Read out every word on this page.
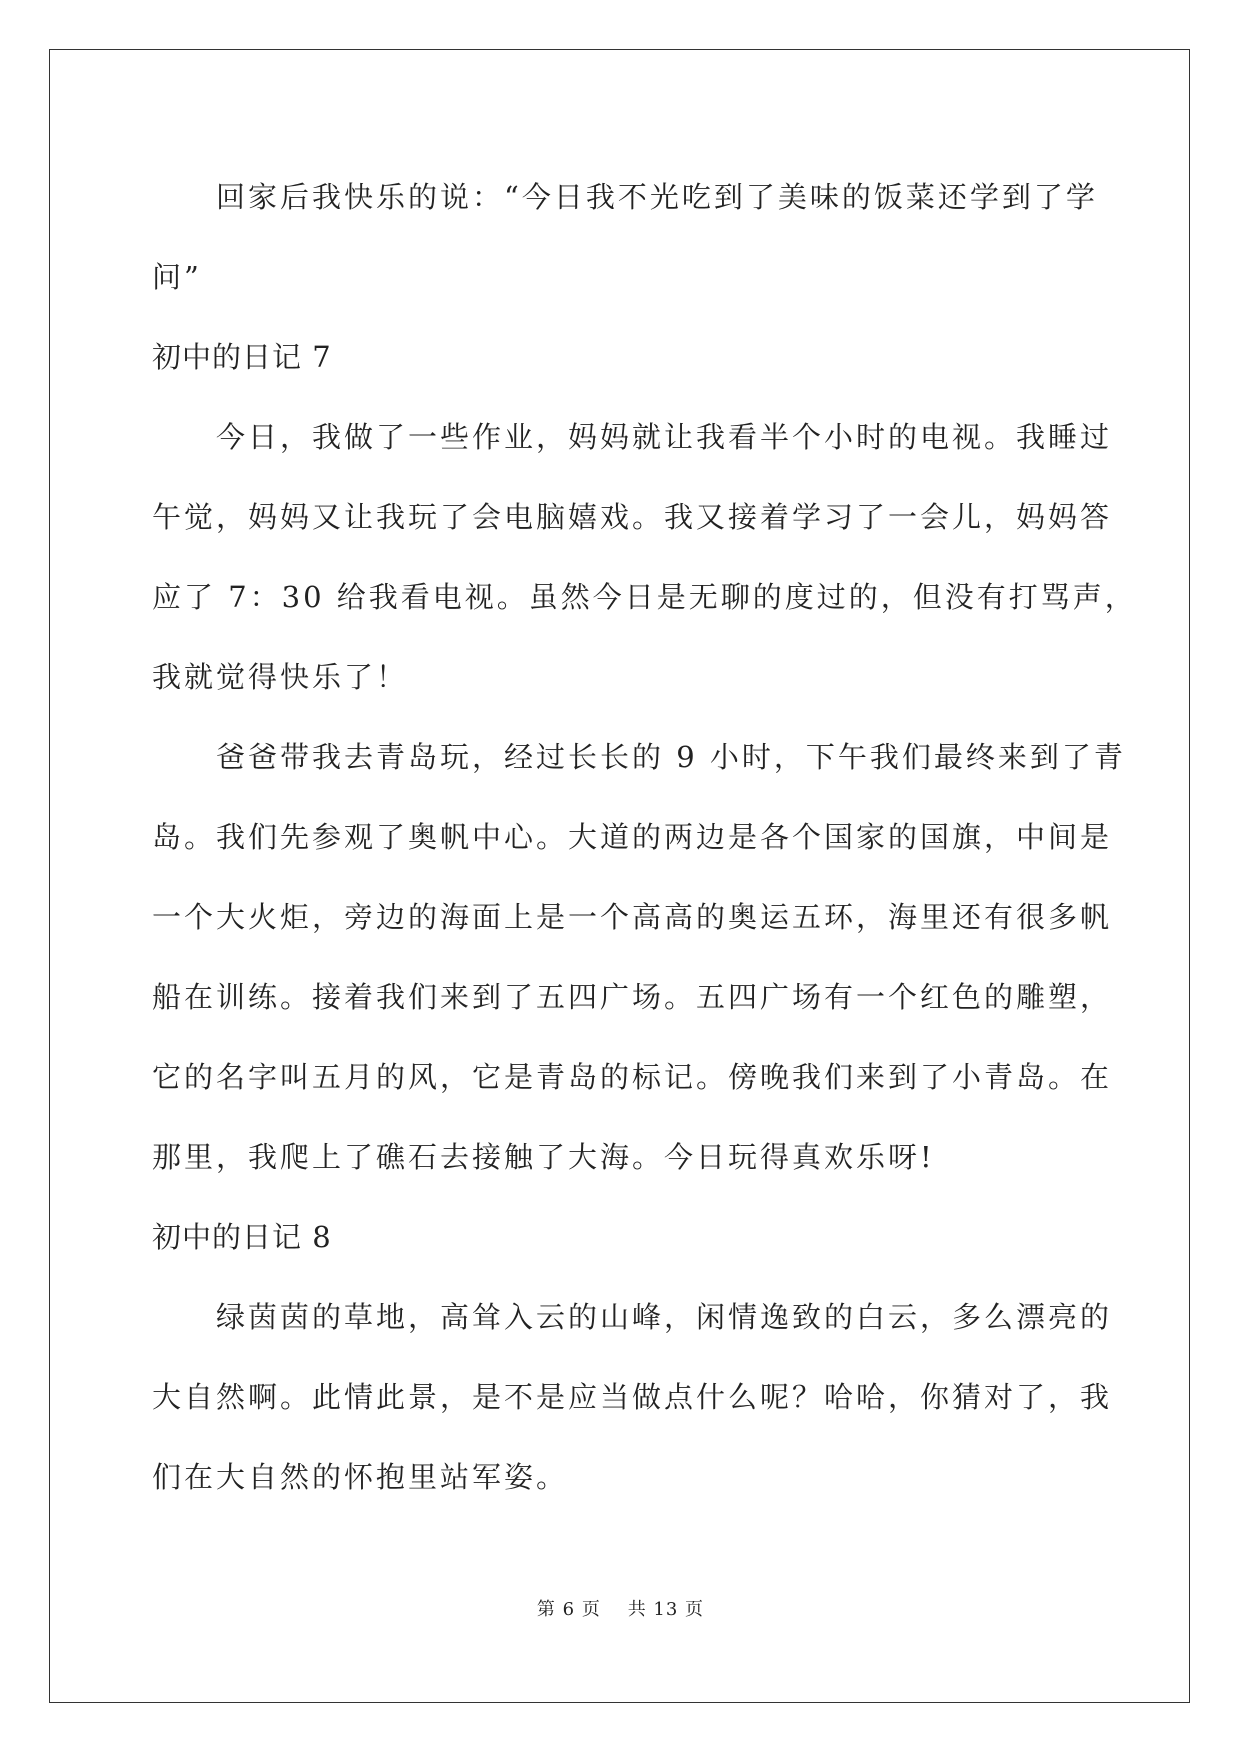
回家后我快乐的说：“今日我不光吃到了美味的饭菜还学到了学
问”
初中的日记 7
今日，我做了一些作业，妈妈就让我看半个小时的电视。我睡过
午觉，妈妈又让我玩了会电脑嬉戏。我又接着学习了一会儿，妈妈答
应了 7：30 给我看电视。虽然今日是无聊的度过的，但没有打骂声，
我就觉得快乐了！
爸爸带我去青岛玩，经过长长的 9 小时，下午我们最终来到了青
岛。我们先参观了奥帆中心。大道的两边是各个国家的国旗，中间是
一个大火炬，旁边的海面上是一个高高的奥运五环，海里还有很多帆
船在训练。接着我们来到了五四广场。五四广场有一个红色的雕塑，
它的名字叫五月的风，它是青岛的标记。傍晚我们来到了小青岛。在
那里，我爬上了礁石去接触了大海。今日玩得真欢乐呀!
初中的日记 8
绿茵茵的草地，高耸入云的山峰，闲情逸致的白云，多么漂亮的
大自然啊。此情此景，是不是应当做点什么呢？哈哈，你猜对了，我
们在大自然的怀抱里站军姿。
第 6 页    共 13 页
